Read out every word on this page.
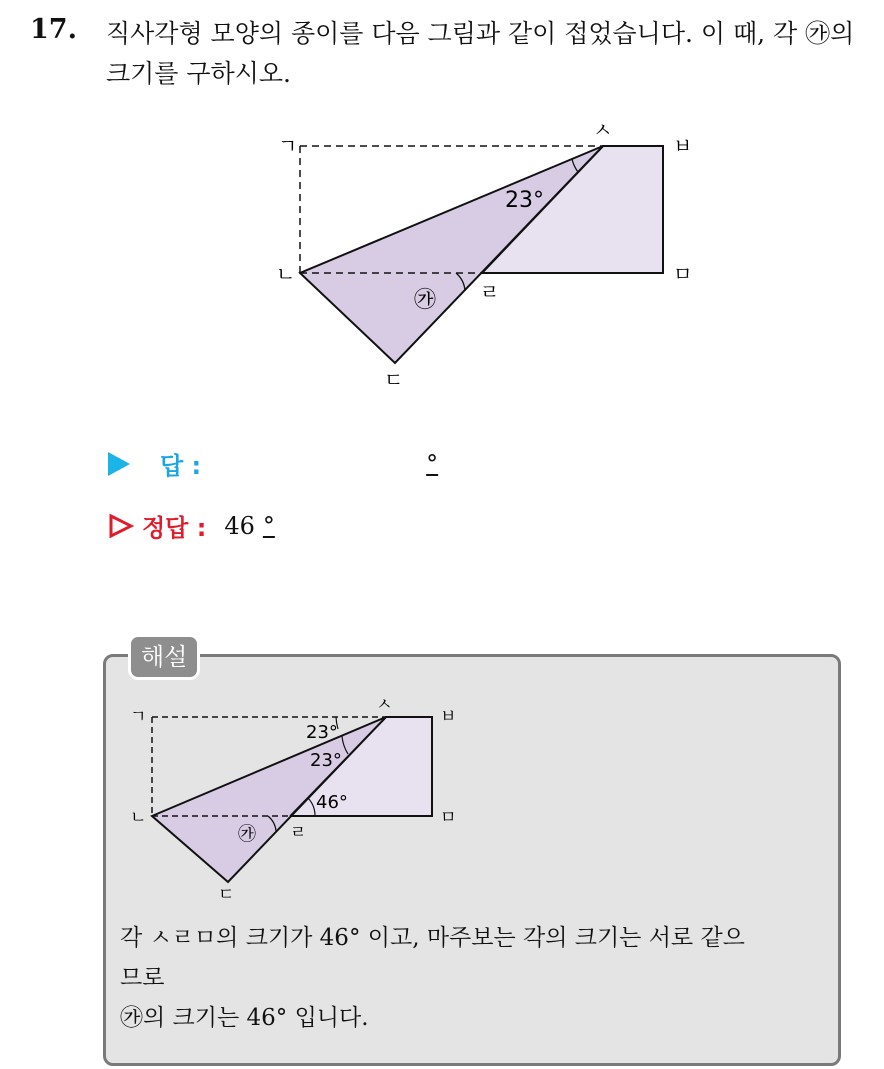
17. 직사각형 모양의 종이를 다음 그림과 같이 접었습니다. 이 때, 각 ㉮의 크기를 구하시오.
ㄱ
ㅅ
ㅂ
ㄴ	ㅁ
ㄹ
ㄷ
23°
㉮
답 :	°
정답 : 46 °
해설
ㄱ
ㅅ
ㅂ
ㄴ	ㅁ
ㄹ
ㄷ
23°
23°
46°
㉮
각 ㅅㄹㅁ의 크기가 46° 이고, 마주보는 각의 크기는 서로 같으
므로
㉮의 크기는 46° 입니다.
